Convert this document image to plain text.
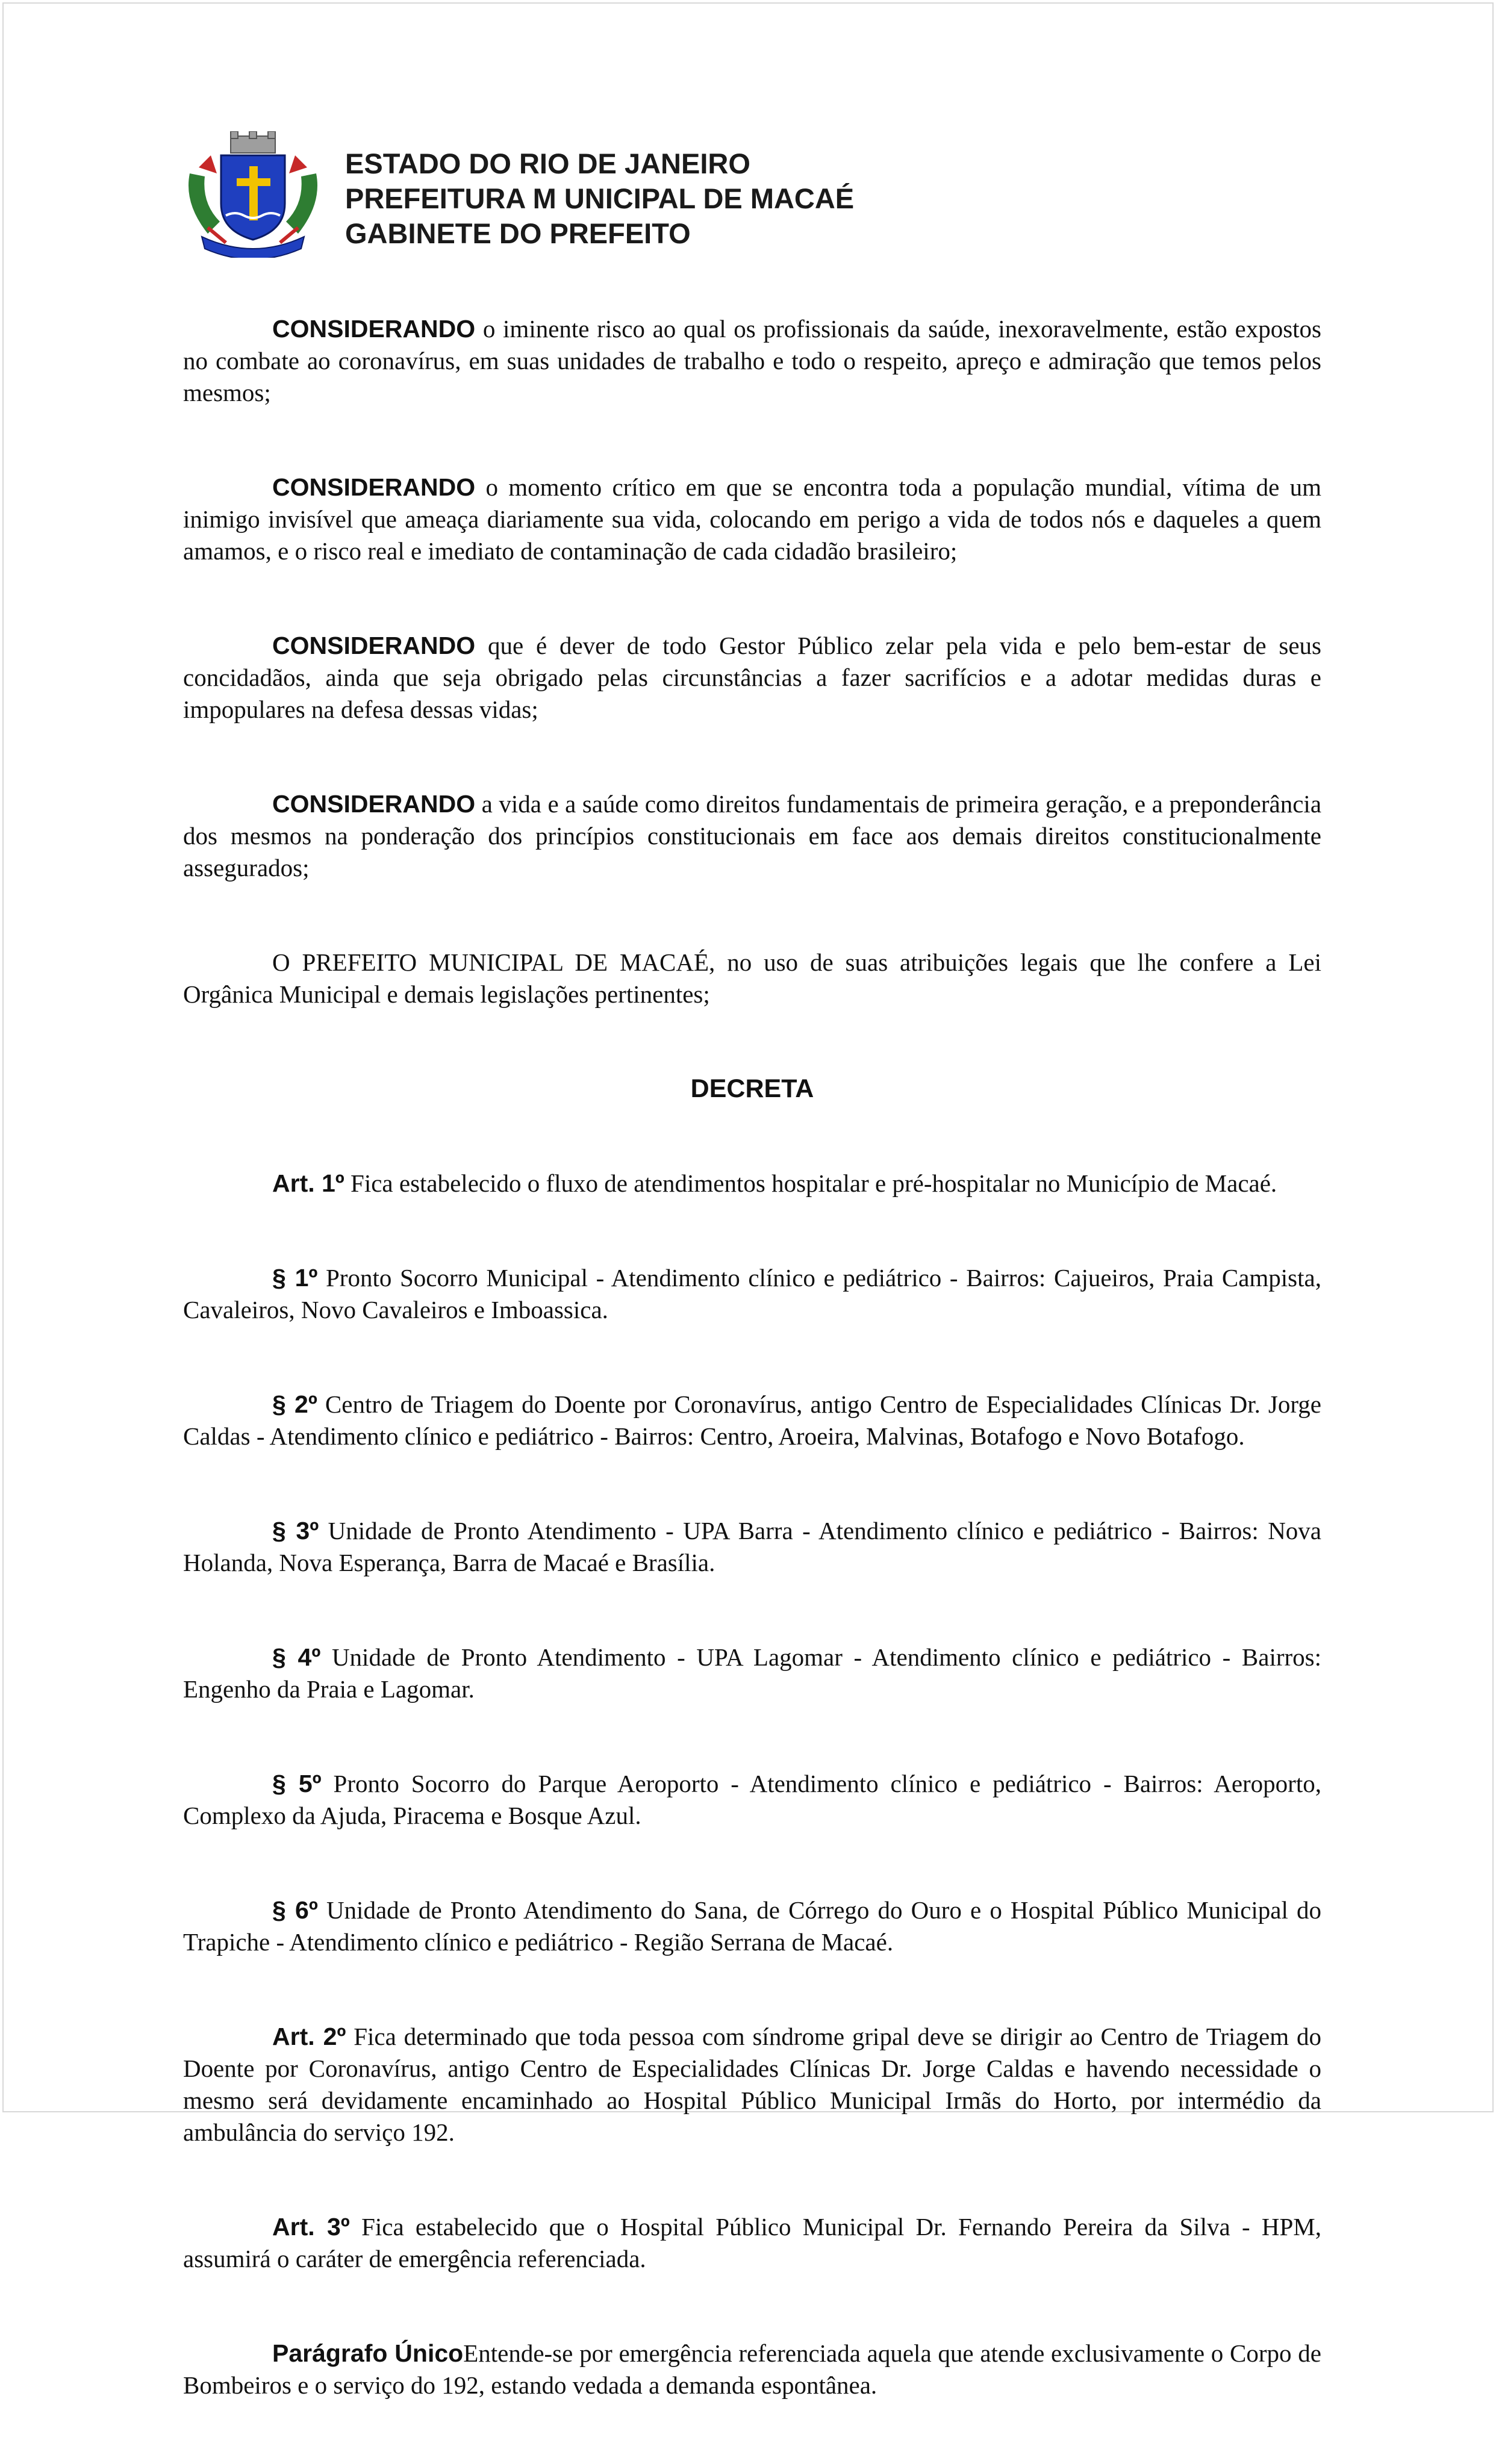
ESTADO DO RIO DE JANEIRO
PREFEITURA M UNICIPAL DE MACAÉ
GABINETE DO PREFEITO

CONSIDERANDO o iminente risco ao qual os profissionais da saúde, inexoravelmente, estão expostos no combate ao coronavírus, em suas unidades de trabalho e todo o respeito, apreço e admiração que temos pelos mesmos;

CONSIDERANDO o momento crítico em que se encontra toda a população mundial, vítima de um inimigo invisível que ameaça diariamente sua vida, colocando em perigo a vida de todos nós e daqueles a quem amamos, e o risco real e imediato de contaminação de cada cidadão brasileiro;

CONSIDERANDO que é dever de todo Gestor Público zelar pela vida e pelo bem-estar de seus concidadãos, ainda que seja obrigado pelas circunstâncias a fazer sacrifícios e a adotar medidas duras e impopulares na defesa dessas vidas;

CONSIDERANDO a vida e a saúde como direitos fundamentais de primeira geração, e a preponderância dos mesmos na ponderação dos princípios constitucionais em face aos demais direitos constitucionalmente assegurados;

O PREFEITO MUNICIPAL DE MACAÉ, no uso de suas atribuições legais que lhe confere a Lei Orgânica Municipal e demais legislações pertinentes;

DECRETA

Art. 1º Fica estabelecido o fluxo de atendimentos hospitalar e pré-hospitalar no Município de Macaé.

§ 1º Pronto Socorro Municipal - Atendimento clínico e pediátrico - Bairros: Cajueiros, Praia Campista, Cavaleiros, Novo Cavaleiros e Imboassica.

§ 2º Centro de Triagem do Doente por Coronavírus, antigo Centro de Especialidades Clínicas Dr. Jorge Caldas - Atendimento clínico e pediátrico - Bairros: Centro, Aroeira, Malvinas, Botafogo e Novo Botafogo.

§ 3º Unidade de Pronto Atendimento - UPA Barra - Atendimento clínico e pediátrico - Bairros: Nova Holanda, Nova Esperança, Barra de Macaé e Brasília.

§ 4º Unidade de Pronto Atendimento - UPA Lagomar - Atendimento clínico e pediátrico - Bairros: Engenho da Praia e Lagomar.

§ 5º Pronto Socorro do Parque Aeroporto - Atendimento clínico e pediátrico - Bairros: Aeroporto, Complexo da Ajuda, Piracema e Bosque Azul.

§ 6º Unidade de Pronto Atendimento do Sana, de Córrego do Ouro e o Hospital Público Municipal do Trapiche - Atendimento clínico e pediátrico - Região Serrana de Macaé.

Art. 2º Fica determinado que toda pessoa com síndrome gripal deve se dirigir ao Centro de Triagem do Doente por Coronavírus, antigo Centro de Especialidades Clínicas Dr. Jorge Caldas e havendo necessidade o mesmo será devidamente encaminhado ao Hospital Público Municipal Irmãs do Horto, por intermédio da ambulância do serviço 192.

Art. 3º Fica estabelecido que o Hospital Público Municipal Dr. Fernando Pereira da Silva - HPM, assumirá o caráter de emergência referenciada.

Parágrafo ÚnicoEntende-se por emergência referenciada aquela que atende exclusivamente o Corpo de Bombeiros e o serviço do 192, estando vedada a demanda espontânea.
